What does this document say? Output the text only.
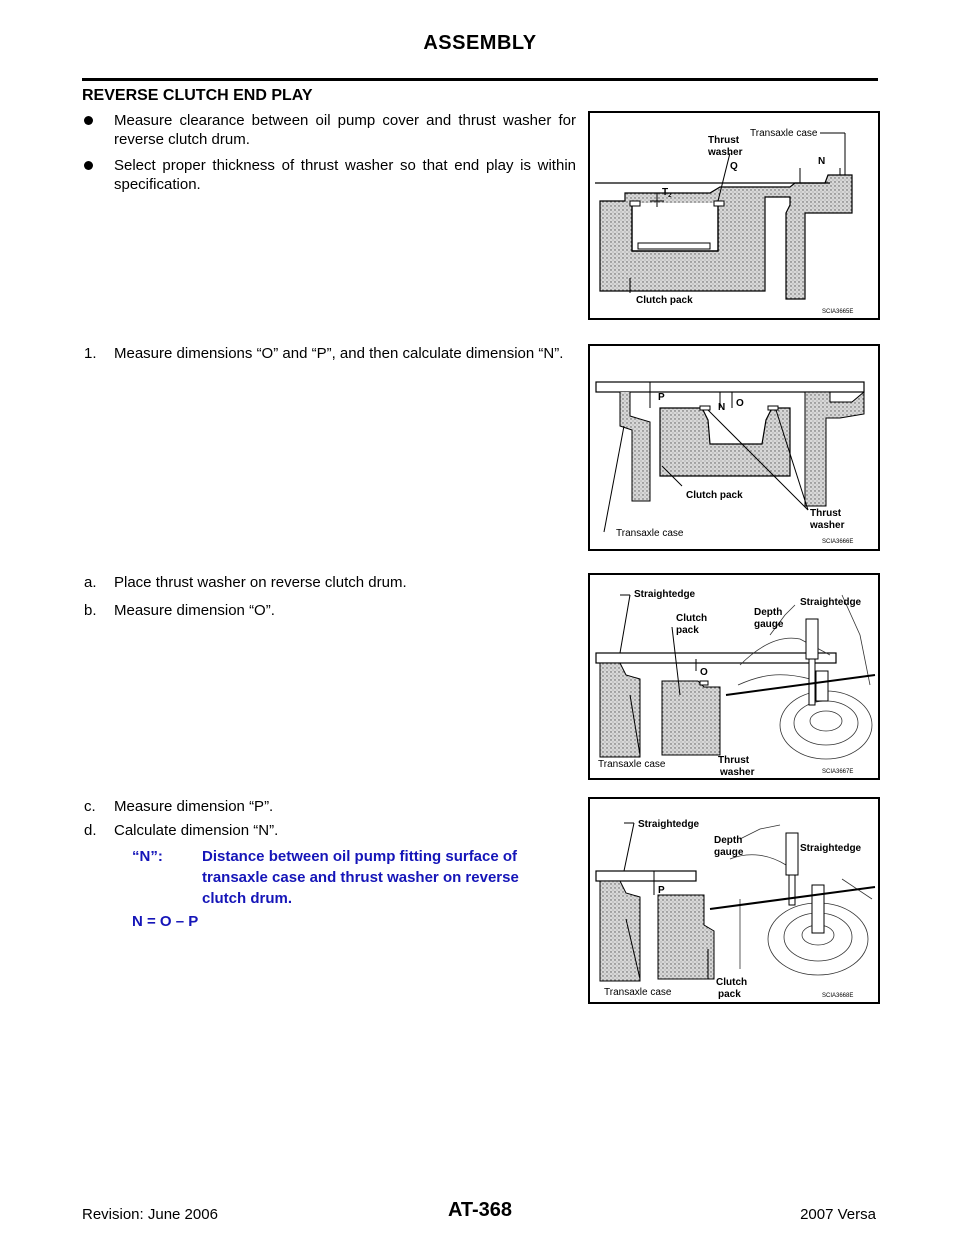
ASSEMBLY
REVERSE CLUTCH END PLAY
Measure clearance between oil pump cover and thrust washer for reverse clutch drum.
Select proper thickness of thrust washer so that end play is within specification.
1. Measure dimensions “O” and “P”, and then calculate dimension “N”.
a. Place thrust washer on reverse clutch drum.
b. Measure dimension “O”.
c. Measure dimension “P”.
d. Calculate dimension “N”.
“N”:	Distance between oil pump fitting surface of transaxle case and thrust washer on reverse clutch drum.
N = O – P
Thrust
washer
Q
Transaxle case
N
$T_2$
Clutch pack
SCIA3665E
P
N O
Clutch pack
Thrust
washer
Transaxle case
SCIA3666E
Straightedge
Clutch
pack
Depth
gauge
Straightedge
O
Transaxle case	Thrust
washer	SCIA3667E
Straightedge
Depth
gauge	Straightedge
P
Transaxle case
Clutch
pack	SCIA3668E
Revision: June 2006	AT-368	2007 Versa
